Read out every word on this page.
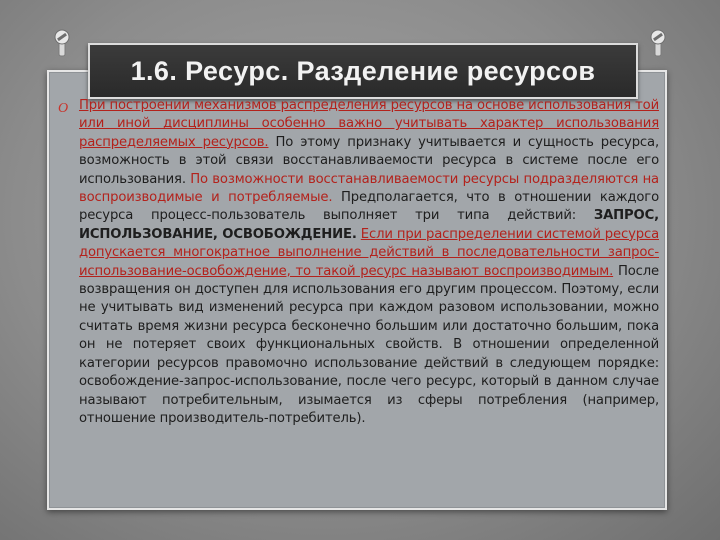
1.6. Ресурс. Разделение ресурсов
O При построении механизмов распределения ресурсов на основе использования той или иной дисциплины особенно важно учитывать характер использования распределяемых ресурсов. По этому признаку учитывается и сущность ресурса, возможность в этой связи восстанавливаемости ресурса в системе после его использования. По возможности восстанавливаемости ресурсы подразделяются на воспроизводимые и потребляемые. Предполагается, что в отношении каждого ресурса процесс-пользователь выполняет три типа действий: ЗАПРОС, ИСПОЛЬЗОВАНИЕ, ОСВОБОЖДЕНИЕ. Если при распределении системой ресурса допускается многократное выполнение действий в последовательности запрос-использование-освобождение, то такой ресурс называют воспроизводимым. После возвращения он доступен для использования его другим процессом. Поэтому, если не учитывать вид изменений ресурса при каждом разовом использовании, можно считать время жизни ресурса бесконечно большим или достаточно большим, пока он не потеряет своих функциональных свойств. В отношении определенной категории ресурсов правомочно использование действий в следующем порядке: освобождение-запрос-использование, после чего ресурс, который в данном случае называют потребительным, изымается из сферы потребления (например, отношение производитель-потребитель).
